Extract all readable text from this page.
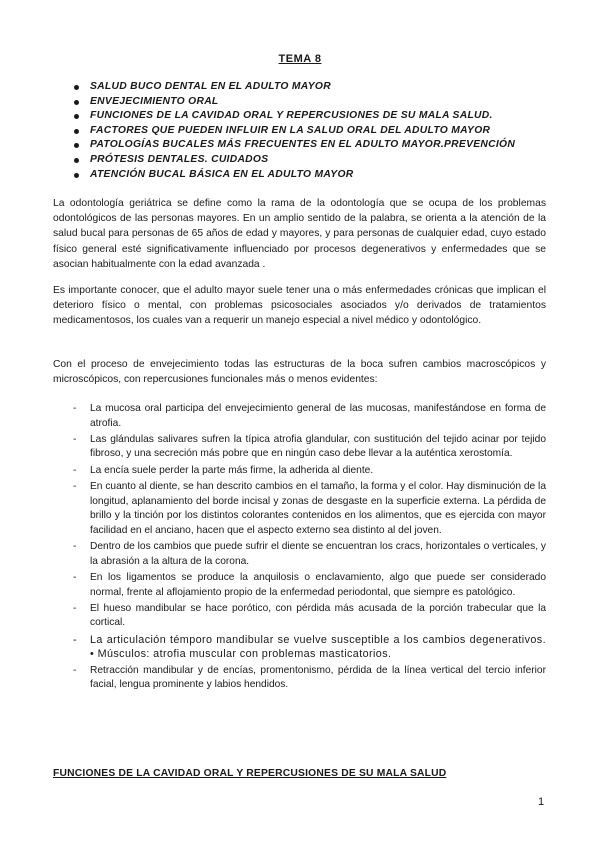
TEMA 8
SALUD BUCO DENTAL EN EL ADULTO MAYOR
ENVEJECIMIENTO ORAL
FUNCIONES DE LA CAVIDAD ORAL Y REPERCUSIONES DE SU MALA SALUD.
FACTORES QUE PUEDEN INFLUIR EN LA SALUD ORAL DEL ADULTO MAYOR
PATOLOGÍAS BUCALES MÁS FRECUENTES EN EL ADULTO MAYOR.PREVENCIÓN
PRÓTESIS DENTALES. CUIDADOS
ATENCIÓN BUCAL BÁSICA EN EL ADULTO MAYOR

La odontología geriátrica se define como la rama de la odontología que se ocupa de los problemas odontológicos de las personas mayores. En un amplio sentido de la palabra, se orienta a la atención de la salud bucal para personas de 65 años de edad y mayores, y para personas de cualquier edad, cuyo estado físico general esté significativamente influenciado por procesos degenerativos y enfermedades que se asocian habitualmente con la edad avanzada .

Es importante conocer, que el adulto mayor suele tener una o más enfermedades crónicas que implican el deterioro físico o mental, con problemas psicosociales asociados y/o derivados de tratamientos medicamentosos, los cuales van a requerir un manejo especial a nivel médico y odontológico.

Con el proceso de envejecimiento todas las estructuras de la boca sufren cambios macroscópicos y microscópicos, con repercusiones funcionales más o menos evidentes:

- La mucosa oral participa del envejecimiento general de las mucosas, manifestándose en forma de atrofia.
- Las glándulas salivares sufren la típica atrofia glandular, con sustitución del tejido acinar por tejido fibroso, y una secreción más pobre que en ningún caso debe llevar a la auténtica xerostomía.
- La encía suele perder la parte más firme, la adherida al diente.
- En cuanto al diente, se han descrito cambios en el tamaño, la forma y el color. Hay disminución de la longitud, aplanamiento del borde incisal y zonas de desgaste en la superficie externa. La pérdida de brillo y la tinción por los distintos colorantes contenidos en los alimentos, que es ejercida con mayor facilidad en el anciano, hacen que el aspecto externo sea distinto al del joven.
- Dentro de los cambios que puede sufrir el diente se encuentran los cracs, horizontales o verticales, y la abrasión a la altura de la corona.
- En los ligamentos se produce la anquilosis o enclavamiento, algo que puede ser considerado normal, frente al aflojamiento propio de la enfermedad periodontal, que siempre es patológico.
- El hueso mandibular se hace porótico, con pérdida más acusada de la porción trabecular que la cortical.
- La articulación témporo mandibular se vuelve susceptible a los cambios degenerativos. • Músculos: atrofia muscular con problemas masticatorios.
- Retracción mandibular y de encías, promentonismo, pérdida de la línea vertical del tercio inferior facial, lengua prominente y labios hendidos.
FUNCIONES DE LA CAVIDAD ORAL Y REPERCUSIONES DE SU MALA SALUD
1
